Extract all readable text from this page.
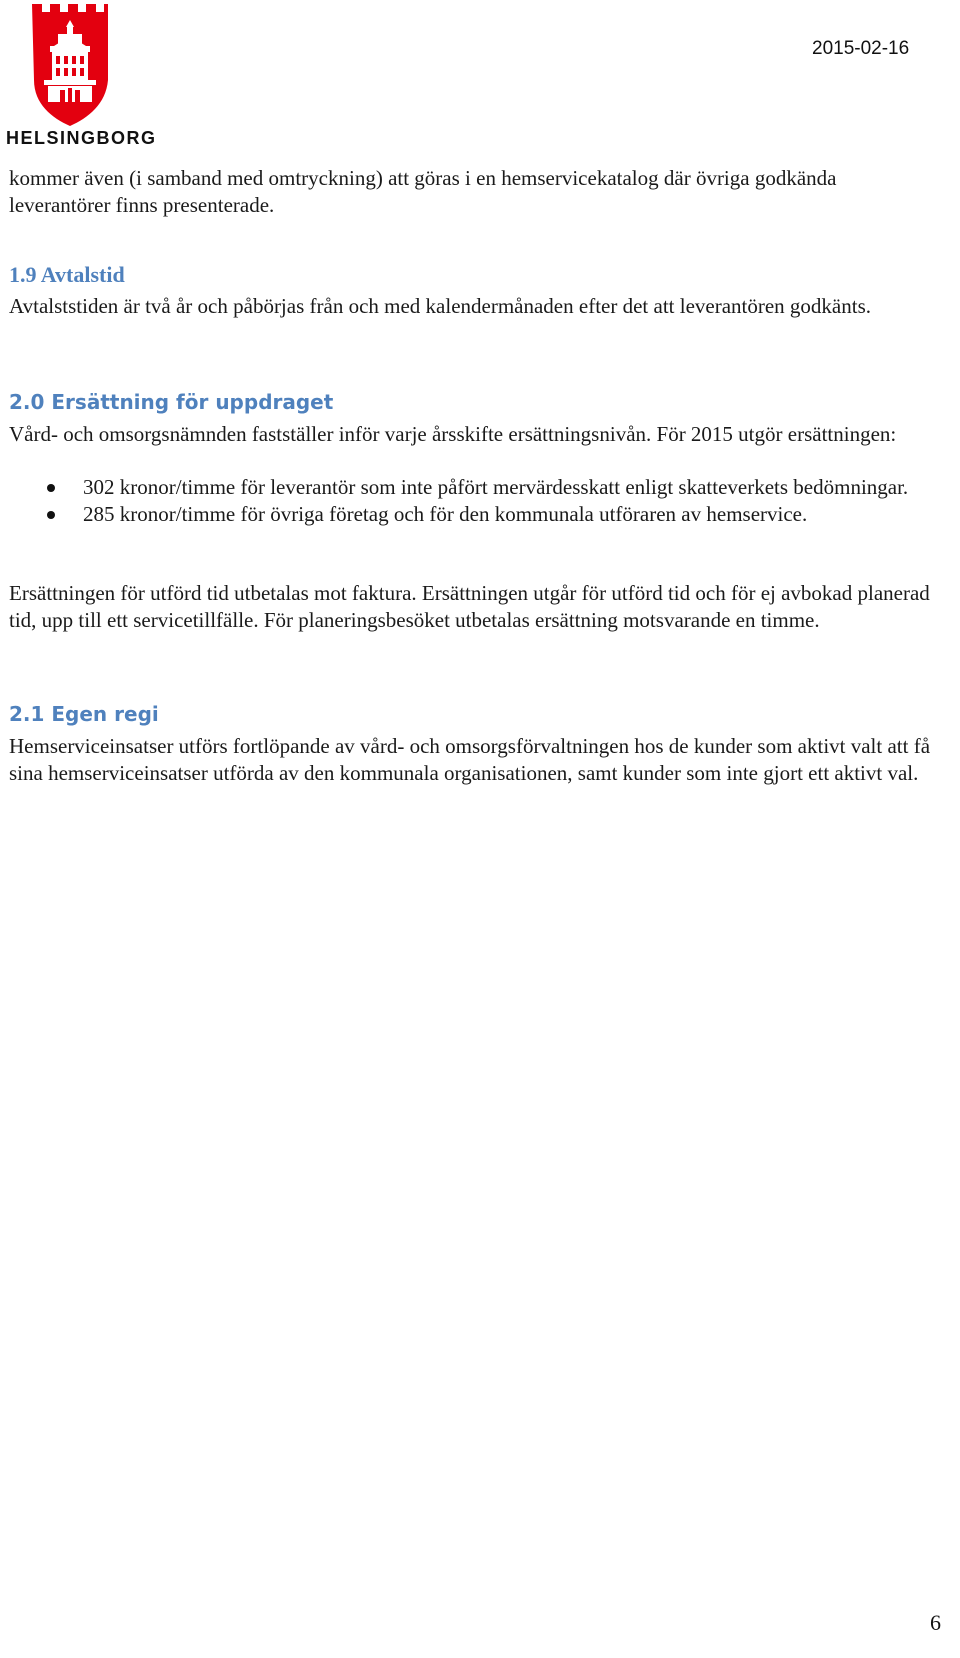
HELSINGBORG
2015-02-16

kommer även (i samband med omtryckning) att göras i en hemservicekatalog där övriga godkända leverantörer finns presenterade.

1.9 Avtalstid

Avtalststiden är två år och påbörjas från och med kalendermånaden efter det att leverantören godkänts.

2.0 Ersättning för uppdraget

Vård- och omsorgsnämnden fastställer inför varje årsskifte ersättningsnivån. För 2015 utgör ersättningen:

302 kronor/timme för leverantör som inte påfört mervärdesskatt enligt skatteverkets bedömningar.
285 kronor/timme för övriga företag och för den kommunala utföraren av hemservice.

Ersättningen för utförd tid utbetalas mot faktura. Ersättningen utgår för utförd tid och för ej avbokad planerad tid, upp till ett servicetillfälle. För planeringsbesöket utbetalas ersättning motsvarande en timme.

2.1 Egen regi

Hemserviceinsatser utförs fortlöpande av vård- och omsorgsförvaltningen hos de kunder som aktivt valt att få sina hemserviceinsatser utförda av den kommunala organisationen, samt kunder som inte gjort ett aktivt val.

6
